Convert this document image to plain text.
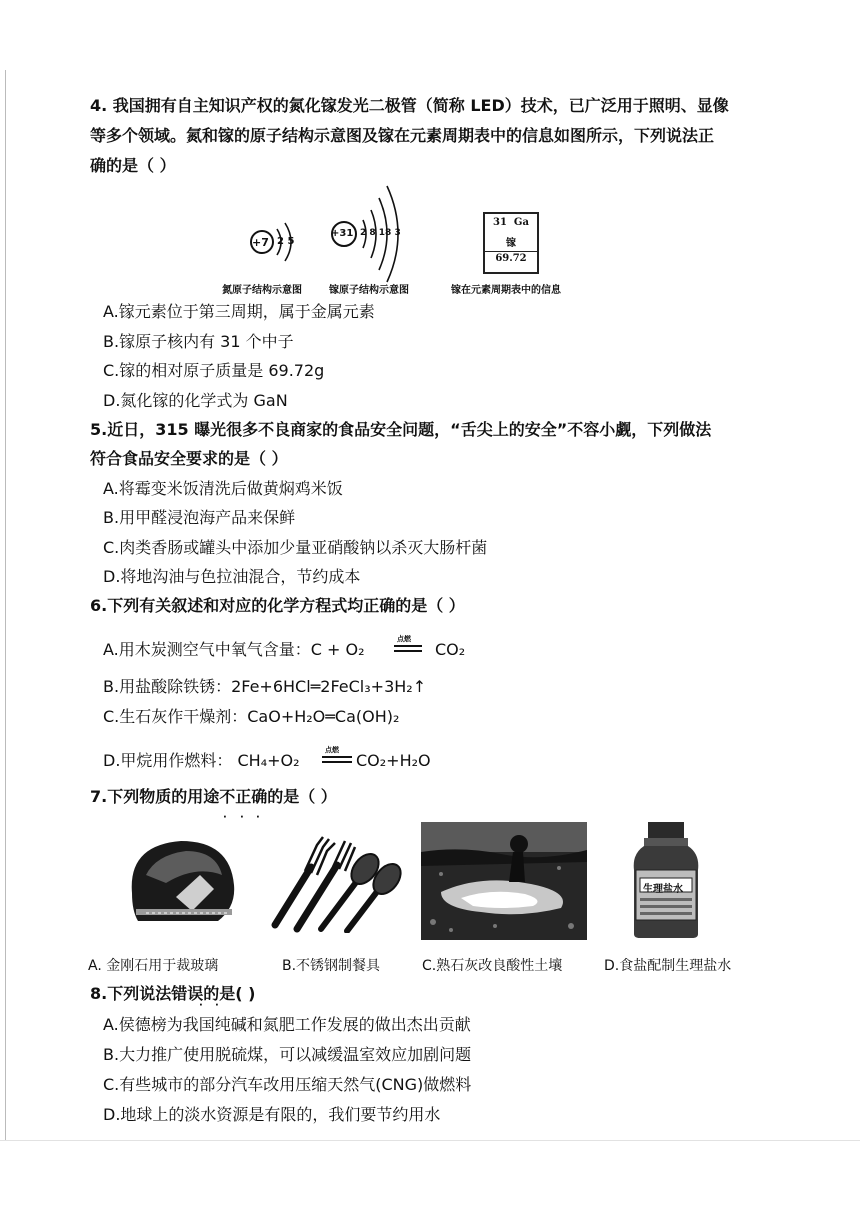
4. 我国拥有自主知识产权的氮化镓发光二极管（简称 LED）技术，已广泛用于照明、显像
等多个领域。氮和镓的原子结构示意图及镓在元素周期表中的信息如图所示，下列说法正
确的是（ ）
+7 2 5
+31 2 8 18 3
31 Ga
镓
69.72
氮原子结构示意图	镓原子结构示意图	镓在元素周期表中的信息
A.镓元素位于第三周期，属于金属元素
B.镓原子核内有 31 个中子
C.镓的相对原子质量是 69.72g
D.氮化镓的化学式为 GaN
5.近日，315 曝光很多不良商家的食品安全问题，“舌尖上的安全”不容小觑，下列做法
符合食品安全要求的是（ ）
A.将霉变米饭清洗后做黄焖鸡米饭
B.用甲醛浸泡海产品来保鲜
C.肉类香肠或罐头中添加少量亚硝酸钠以杀灭大肠杆菌
D.将地沟油与色拉油混合，节约成本
6.下列有关叙述和对应的化学方程式均正确的是（ ）
A.用木炭测空气中氧气含量：C + O₂
点燃
CO₂
B.用盐酸除铁锈：2Fe+6HCl═2FeCl₃+3H₂↑
C.生石灰作干燥剂：CaO+H₂O═Ca(OH)₂
D.甲烷用作燃料： CH₄+O₂
点燃
CO₂+H₂O
7.下列物质的用途不正确的是（ ）
· · ·
生理盐水
A. 金刚石用于裁玻璃	B.不锈钢制餐具	C.熟石灰改良酸性土壤	D.食盐配制生理盐水
8.下列说法错误的是( )
· ·
A.侯德榜为我国纯碱和氮肥工作发展的做出杰出贡献
B.大力推广使用脱硫煤，可以减缓温室效应加剧问题
C.有些城市的部分汽车改用压缩天然气(CNG)做燃料
D.地球上的淡水资源是有限的，我们要节约用水
